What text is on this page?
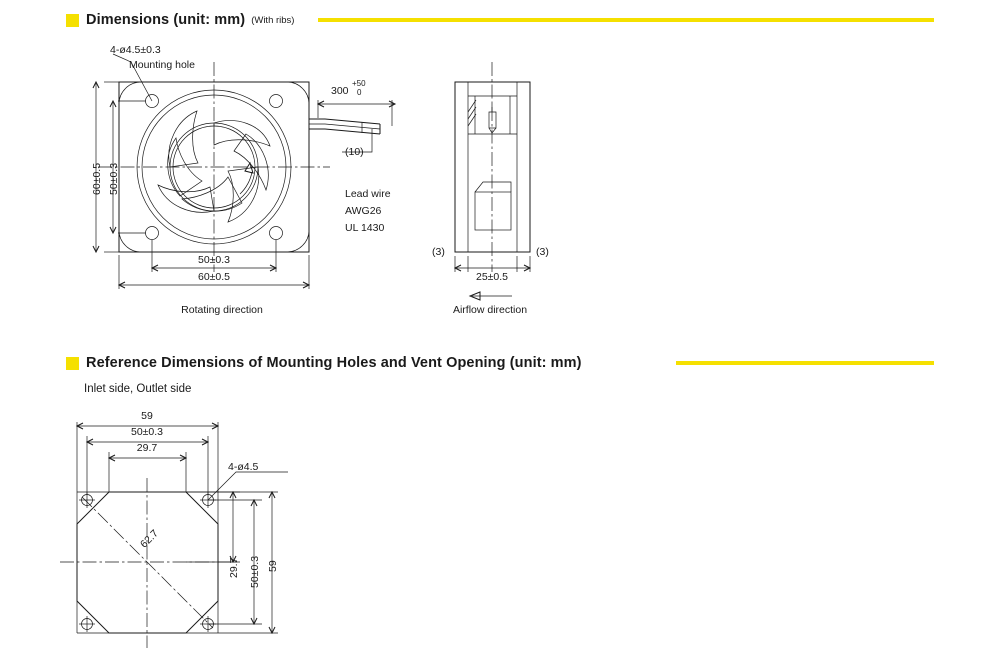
Dimensions (unit: mm) (With ribs)
4-ø4.5±0.3
Mounting hole
60±0.5 50±0.3
50±0.3
60±0.5
Rotating direction
300
+50
0
(10)
Lead wire
AWG26
UL 1430
(3)	(3)
25±0.5
Airflow direction
Reference Dimensions of Mounting Holes and Vent Opening (unit: mm)
Inlet side, Outlet side
59
50±0.3
29.7
4-ø4.5
62.7
29.7 50±0.3 59
